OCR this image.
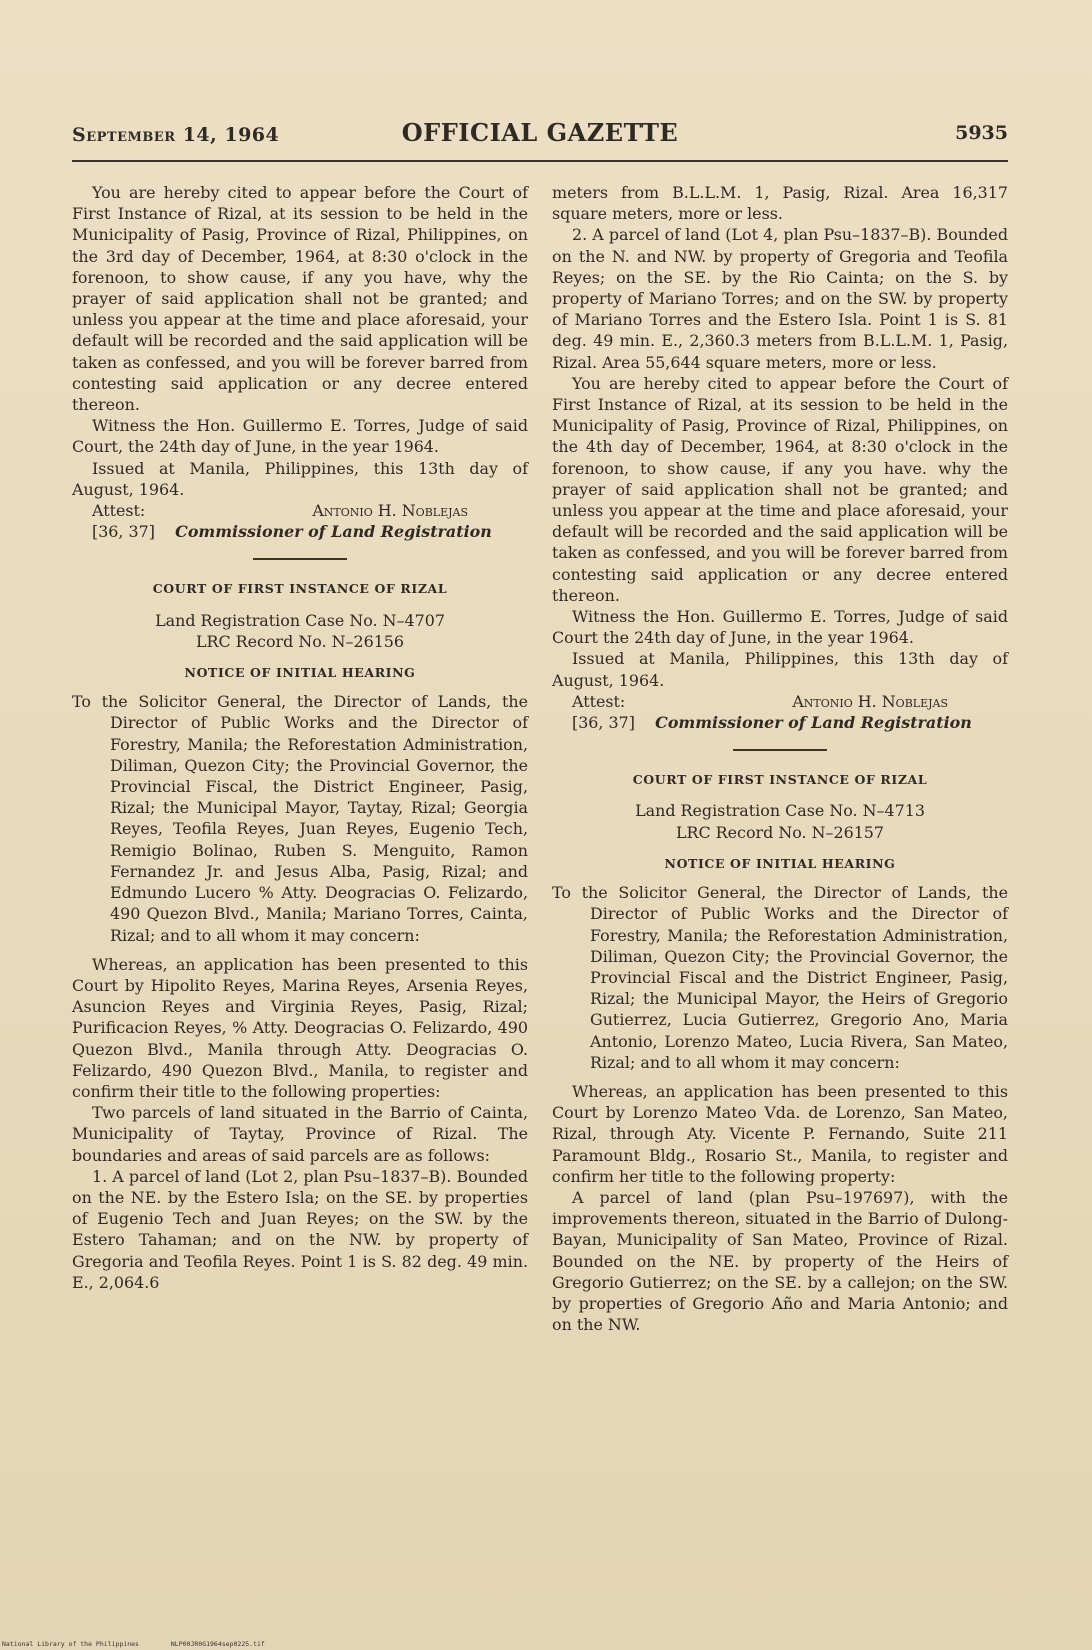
September 14, 1964	OFFICIAL GAZETTE	5935

You are hereby cited to appear before the Court of First Instance of Rizal, at its session to be held in the Municipality of Pasig, Province of Rizal, Philippines, on the 3rd day of December, 1964, at 8:30 o'clock in the forenoon, to show cause, if any you have, why the prayer of said application shall not be granted; and unless you appear at the time and place aforesaid, your default will be recorded and the said application will be taken as confessed, and you will be forever barred from contesting said application or any decree entered thereon.

Witness the Hon. Guillermo E. Torres, Judge of said Court, the 24th day of June, in the year 1964.

Issued at Manila, Philippines, this 13th day of August, 1964.

Attest:	Antonio H. Noblejas
[36, 37] Commissioner of Land Registration
COURT OF FIRST INSTANCE OF RIZAL
Land Registration Case No. N–4707
LRC Record No. N–26156
NOTICE OF INITIAL HEARING

To the Solicitor General, the Director of Lands, the Director of Public Works and the Director of Forestry, Manila; the Reforestation Administration, Diliman, Quezon City; the Provincial Governor, the Provincial Fiscal, the District Engineer, Pasig, Rizal; the Municipal Mayor, Taytay, Rizal; Georgia Reyes, Teofila Reyes, Juan Reyes, Eugenio Tech, Remigio Bolinao, Ruben S. Menguito, Ramon Fernandez Jr. and Jesus Alba, Pasig, Rizal; and Edmundo Lucero % Atty. Deogracias O. Felizardo, 490 Quezon Blvd., Manila; Mariano Torres, Cainta, Rizal; and to all whom it may concern:

Whereas, an application has been presented to this Court by Hipolito Reyes, Marina Reyes, Arsenia Reyes, Asuncion Reyes and Virginia Reyes, Pasig, Rizal; Purificacion Reyes, % Atty. Deogracias O. Felizardo, 490 Quezon Blvd., Manila through Atty. Deogracias O. Felizardo, 490 Quezon Blvd., Manila, to register and confirm their title to the following properties:

Two parcels of land situated in the Barrio of Cainta, Municipality of Taytay, Province of Rizal. The boundaries and areas of said parcels are as follows:

1. A parcel of land (Lot 2, plan Psu–1837–B). Bounded on the NE. by the Estero Isla; on the SE. by properties of Eugenio Tech and Juan Reyes; on the SW. by the Estero Tahaman; and on the NW. by property of Gregoria and Teofila Reyes. Point 1 is S. 82 deg. 49 min. E., 2,064.6

meters from B.L.L.M. 1, Pasig, Rizal. Area 16,317 square meters, more or less.

2. A parcel of land (Lot 4, plan Psu–1837–B). Bounded on the N. and NW. by property of Gregoria and Teofila Reyes; on the SE. by the Rio Cainta; on the S. by property of Mariano Torres; and on the SW. by property of Mariano Torres and the Estero Isla. Point 1 is S. 81 deg. 49 min. E., 2,360.3 meters from B.L.L.M. 1, Pasig, Rizal. Area 55,644 square meters, more or less.

You are hereby cited to appear before the Court of First Instance of Rizal, at its session to be held in the Municipality of Pasig, Province of Rizal, Philippines, on the 4th day of December, 1964, at 8:30 o'clock in the forenoon, to show cause, if any you have. why the prayer of said application shall not be granted; and unless you appear at the time and place aforesaid, your default will be recorded and the said application will be taken as confessed, and you will be forever barred from contesting said application or any decree entered thereon.

Witness the Hon. Guillermo E. Torres, Judge of said Court the 24th day of June, in the year 1964.

Issued at Manila, Philippines, this 13th day of August, 1964.

Attest:	Antonio H. Noblejas
[36, 37] Commissioner of Land Registration
COURT OF FIRST INSTANCE OF RIZAL
Land Registration Case No. N–4713
LRC Record No. N–26157
NOTICE OF INITIAL HEARING

To the Solicitor General, the Director of Lands, the Director of Public Works and the Director of Forestry, Manila; the Reforestation Administration, Diliman, Quezon City; the Provincial Governor, the Provincial Fiscal and the District Engineer, Pasig, Rizal; the Municipal Mayor, the Heirs of Gregorio Gutierrez, Lucia Gutierrez, Gregorio Ano, Maria Antonio, Lorenzo Mateo, Lucia Rivera, San Mateo, Rizal; and to all whom it may concern:

Whereas, an application has been presented to this Court by Lorenzo Mateo Vda. de Lorenzo, San Mateo, Rizal, through Aty. Vicente P. Fernando, Suite 211 Paramount Bldg., Rosario St., Manila, to register and confirm her title to the following property:

A parcel of land (plan Psu–197697), with the improvements thereon, situated in the Barrio of Dulong-Bayan, Municipality of San Mateo, Province of Rizal. Bounded on the NE. by property of the Heirs of Gregorio Gutierrez; on the SE. by a callejon; on the SW. by properties of Gregorio Año and Maria Antonio; and on the NW.

National Library of the Philippines	NLP00JR0G1964sep0225.tif
